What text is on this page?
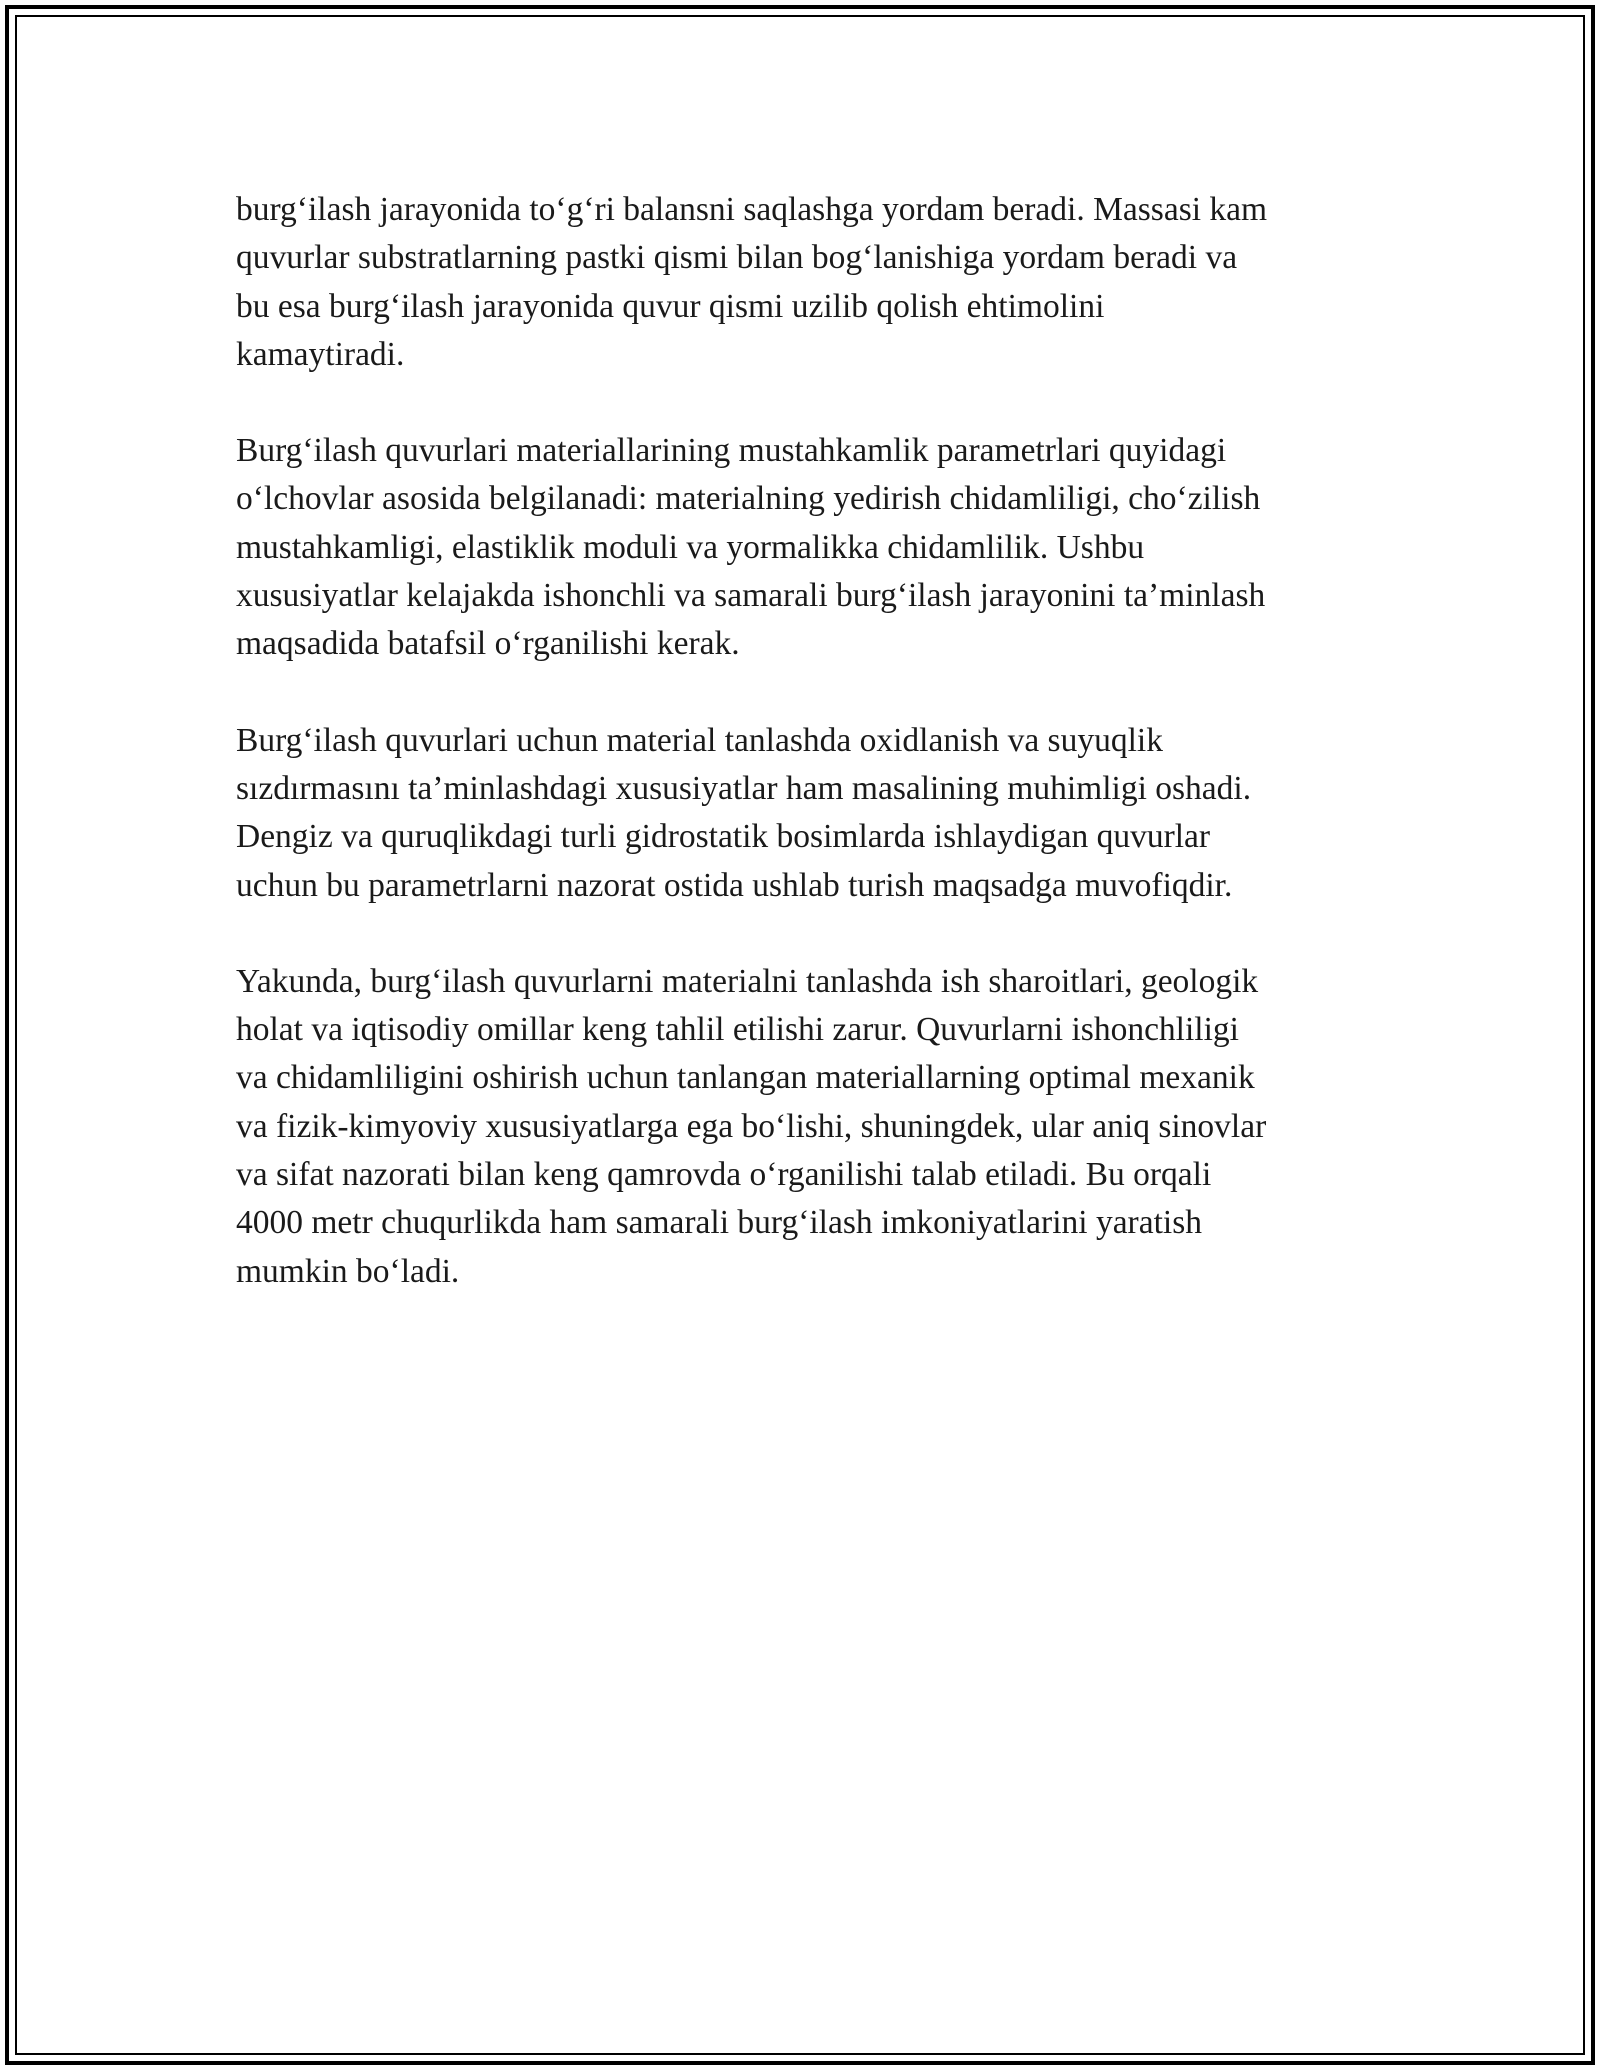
burg‘ilash jarayonida to‘g‘ri balansni saqlashga yordam beradi. Massasi kam
quvurlar substratlarning pastki qismi bilan bog‘lanishiga yordam beradi va
bu esa burg‘ilash jarayonida quvur qismi uzilib qolish ehtimolini
kamaytiradi.

Burg‘ilash quvurlari materiallarining mustahkamlik parametrlari quyidagi
o‘lchovlar asosida belgilanadi: materialning yedirish chidamliligi, cho‘zilish
mustahkamligi, elastiklik moduli va yormalikka chidamlilik. Ushbu
xususiyatlar kelajakda ishonchli va samarali burg‘ilash jarayonini ta’minlash
maqsadida batafsil o‘rganilishi kerak.

Burg‘ilash quvurlari uchun material tanlashda oxidlanish va suyuqlik
sızdırmasını ta’minlashdagi xususiyatlar ham masalining muhimligi oshadi.
Dengiz va quruqlikdagi turli gidrostatik bosimlarda ishlaydigan quvurlar
uchun bu parametrlarni nazorat ostida ushlab turish maqsadga muvofiqdir.

Yakunda, burg‘ilash quvurlarni materialni tanlashda ish sharoitlari, geologik
holat va iqtisodiy omillar keng tahlil etilishi zarur. Quvurlarni ishonchliligi
va chidamliligini oshirish uchun tanlangan materiallarning optimal mexanik
va fizik-kimyoviy xususiyatlarga ega bo‘lishi, shuningdek, ular aniq sinovlar
va sifat nazorati bilan keng qamrovda o‘rganilishi talab etiladi. Bu orqali
4000 metr chuqurlikda ham samarali burg‘ilash imkoniyatlarini yaratish
mumkin bo‘ladi.
